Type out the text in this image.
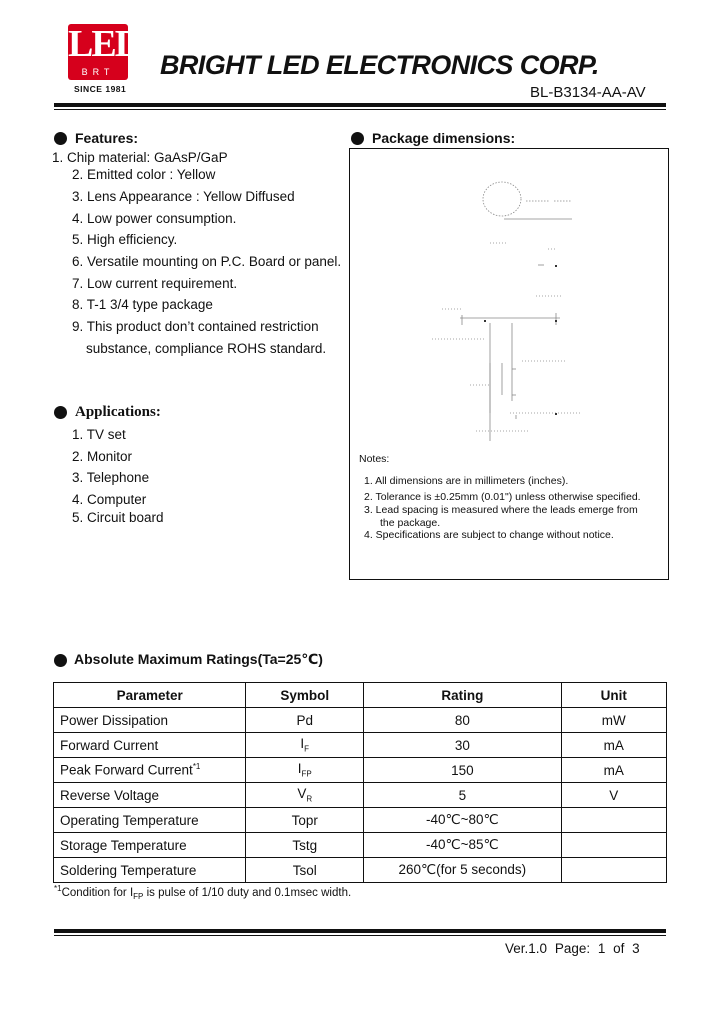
LED
BRT
SINCE 1981
BRIGHT LED ELECTRONICS CORP.
BL-B3134-AA-AV
Features:
1. Chip material: GaAsP/GaP
2. Emitted color : Yellow
3. Lens Appearance : Yellow Diffused
4. Low power consumption.
5. High efficiency.
6. Versatile mounting on P.C. Board or panel.
7. Low current requirement.
8. T-1 3/4 type package
9. This product don’t contained restriction
substance, compliance ROHS standard.
Package dimensions:
Notes:
1. All dimensions are in millimeters (inches).
2. Tolerance is ±0.25mm (0.01") unless otherwise specified.
3. Lead spacing is measured where the leads emerge from
the package.
4. Specifications are subject to change without notice.
Applications:
1. TV set
2. Monitor
3. Telephone
4. Computer
5. Circuit board
Absolute Maximum Ratings(Ta=25℃)
Parameter	Symbol	Rating	Unit
Power Dissipation	Pd	80	mW
Forward Current	$I_F$	30	mA
Peak Forward Current$^{*1}$	$I_{FP}$	150	mA
Reverse Voltage	$V_R$	5	V
Operating Temperature	Topr	-40℃~80℃	
Storage Temperature	Tstg	-40℃~85℃	
Soldering Temperature	Tsol	260℃(for 5 seconds)	
$^{*1}$Condition for $I_{FP}$ is pulse of 1/10 duty and 0.1msec width.
Ver.1.0 Page: 1 of 3
